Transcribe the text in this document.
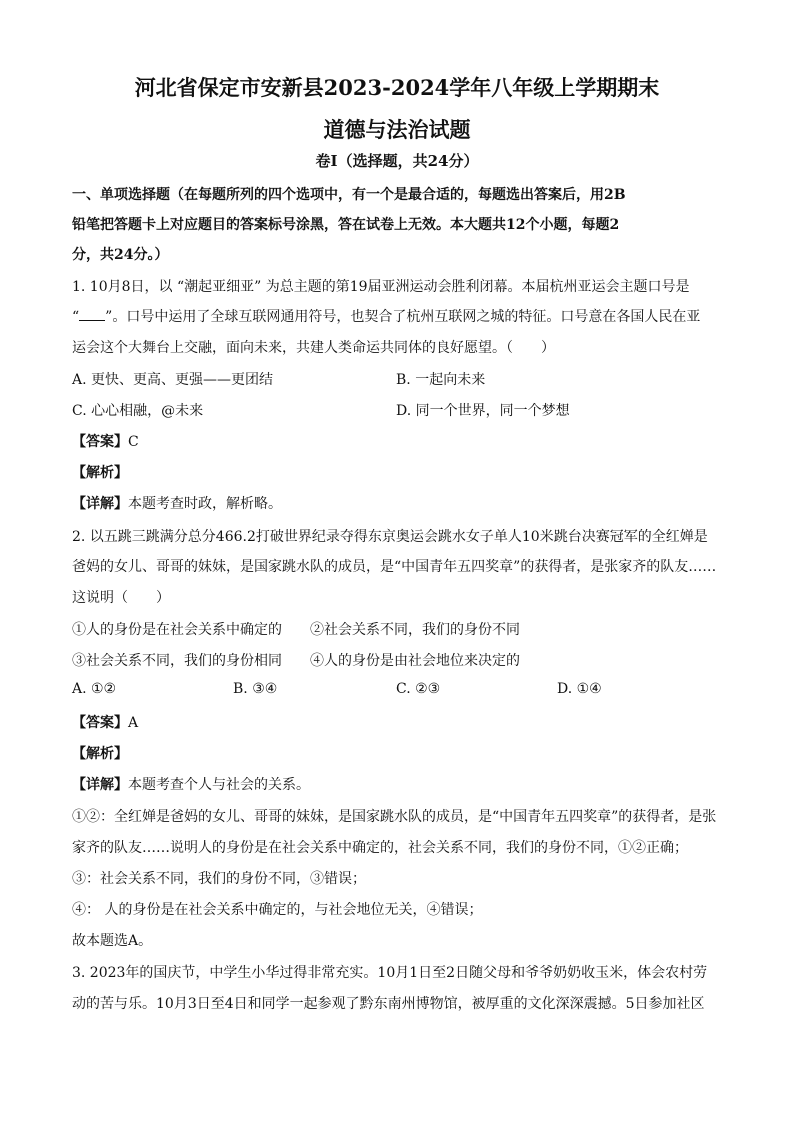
河北省保定市安新县2023-2024学年八年级上学期期末
道德与法治试题
卷Ⅰ（选择题，共24分）
一、单项选择题（在每题所列的四个选项中，有一个是最合适的，每题选出答案后，用2B
铅笔把答题卡上对应题目的答案标号涂黑，答在试卷上无效。本大题共12个小题，每题2
分，共24分。）
1. 10月8日，以 “潮起亚细亚” 为总主题的第19届亚洲运动会胜利闭幕。本届杭州亚运会主题口号是
“ ”。口号中运用了全球互联网通用符号，也契合了杭州互联网之城的特征。口号意在各国人民在亚
运会这个大舞台上交融，面向未来，共建人类命运共同体的良好愿望。（　　）
A. 更快、更高、更强——更团结	B. 一起向未来
C. 心心相融，@未来	D. 同一个世界，同一个梦想
【答案】C
【解析】
【详解】本题考查时政，解析略。
2. 以五跳三跳满分总分466.2打破世界纪录夺得东京奥运会跳水女子单人10米跳台决赛冠军的全红婵是
爸妈的女儿、哥哥的妹妹，是国家跳水队的成员，是“中国青年五四奖章”的获得者，是张家齐的队友……
这说明（　　）
①人的身份是在社会关系中确定的 ②社会关系不同，我们的身份不同
③社会关系不同，我们的身份相同 ④人的身份是由社会地位来决定的
A. ①②	B. ③④	C. ②③	D. ①④
【答案】A
【解析】
【详解】本题考查个人与社会的关系。
①②：全红婵是爸妈的女儿、哥哥的妹妹，是国家跳水队的成员，是“中国青年五四奖章”的获得者，是张
家齐的队友……说明人的身份是在社会关系中确定的，社会关系不同，我们的身份不同，①②正确；
③：社会关系不同，我们的身份不同，③错误；
④： 人的身份是在社会关系中确定的，与社会地位无关，④错误；
故本题选A。
3. 2023年的国庆节，中学生小华过得非常充实。10月1日至2日随父母和爷爷奶奶收玉米，体会农村劳
动的苦与乐。10月3日至4日和同学一起参观了黔东南州博物馆，被厚重的文化深深震撼。5日参加社区
